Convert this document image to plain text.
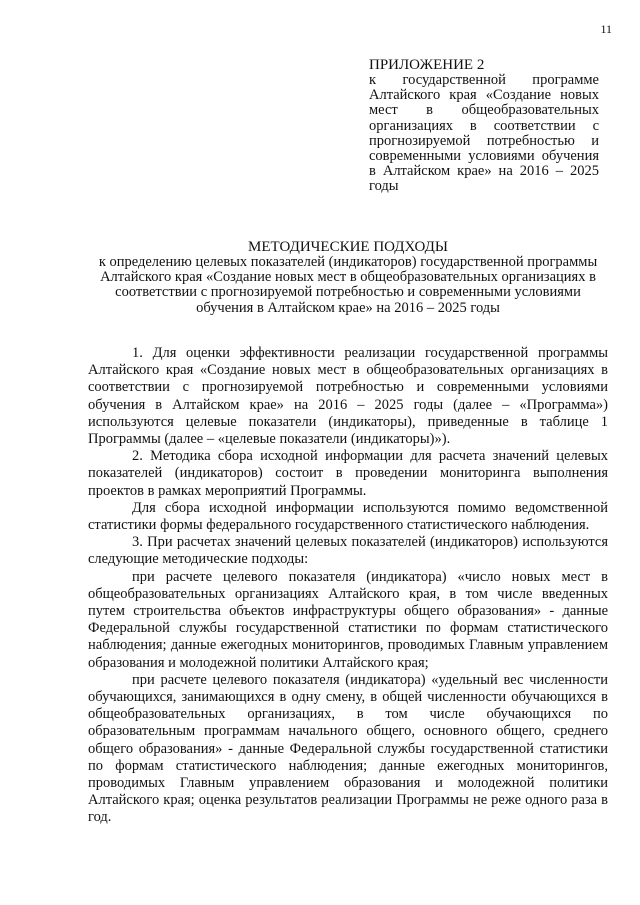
11

ПРИЛОЖЕНИЕ 2

к государственной программе Алтайского края «Создание новых мест в общеобразовательных организациях в соответствии с прогнозируемой потребностью и современными условиями обучения в Алтайском крае» на 2016 – 2025 годы

МЕТОДИЧЕСКИЕ ПОДХОДЫ

к определению целевых показателей (индикаторов) государственной программы Алтайского края «Создание новых мест в общеобразовательных организациях в соответствии с прогнозируемой потребностью и современными условиями обучения в Алтайском крае» на 2016 – 2025 годы

1. Для оценки эффективности реализации государственной программы Алтайского края «Создание новых мест в общеобразовательных организациях в соответствии с прогнозируемой потребностью и современными условиями обучения в Алтайском крае» на 2016 – 2025 годы (далее – «Программа») используются целевые показатели (индикаторы), приведенные в таблице 1 Программы (далее – «целевые показатели (индикаторы)»).

2. Методика сбора исходной информации для расчета значений целевых показателей (индикаторов) состоит в проведении мониторинга выполнения проектов в рамках мероприятий Программы.

Для сбора исходной информации используются помимо ведомственной статистики формы федерального государственного статистического наблюдения.

3. При расчетах значений целевых показателей (индикаторов) используются следующие методические подходы:

при расчете целевого показателя (индикатора) «число новых мест в общеобразовательных организациях Алтайского края, в том числе введенных путем строительства объектов инфраструктуры общего образования» - данные Федеральной службы государственной статистики по формам статистического наблюдения; данные ежегодных мониторингов, проводимых Главным управлением образования и молодежной политики Алтайского края;

при расчете целевого показателя (индикатора) «удельный вес численности обучающихся, занимающихся в одну смену, в общей численности обучающихся в общеобразовательных организациях, в том числе обучающихся по образовательным программам начального общего, основного общего, среднего общего образования» - данные Федеральной службы государственной статистики по формам статистического наблюдения; данные ежегодных мониторингов, проводимых Главным управлением образования и молодежной политики Алтайского края; оценка результатов реализации Программы не реже одного раза в год.
